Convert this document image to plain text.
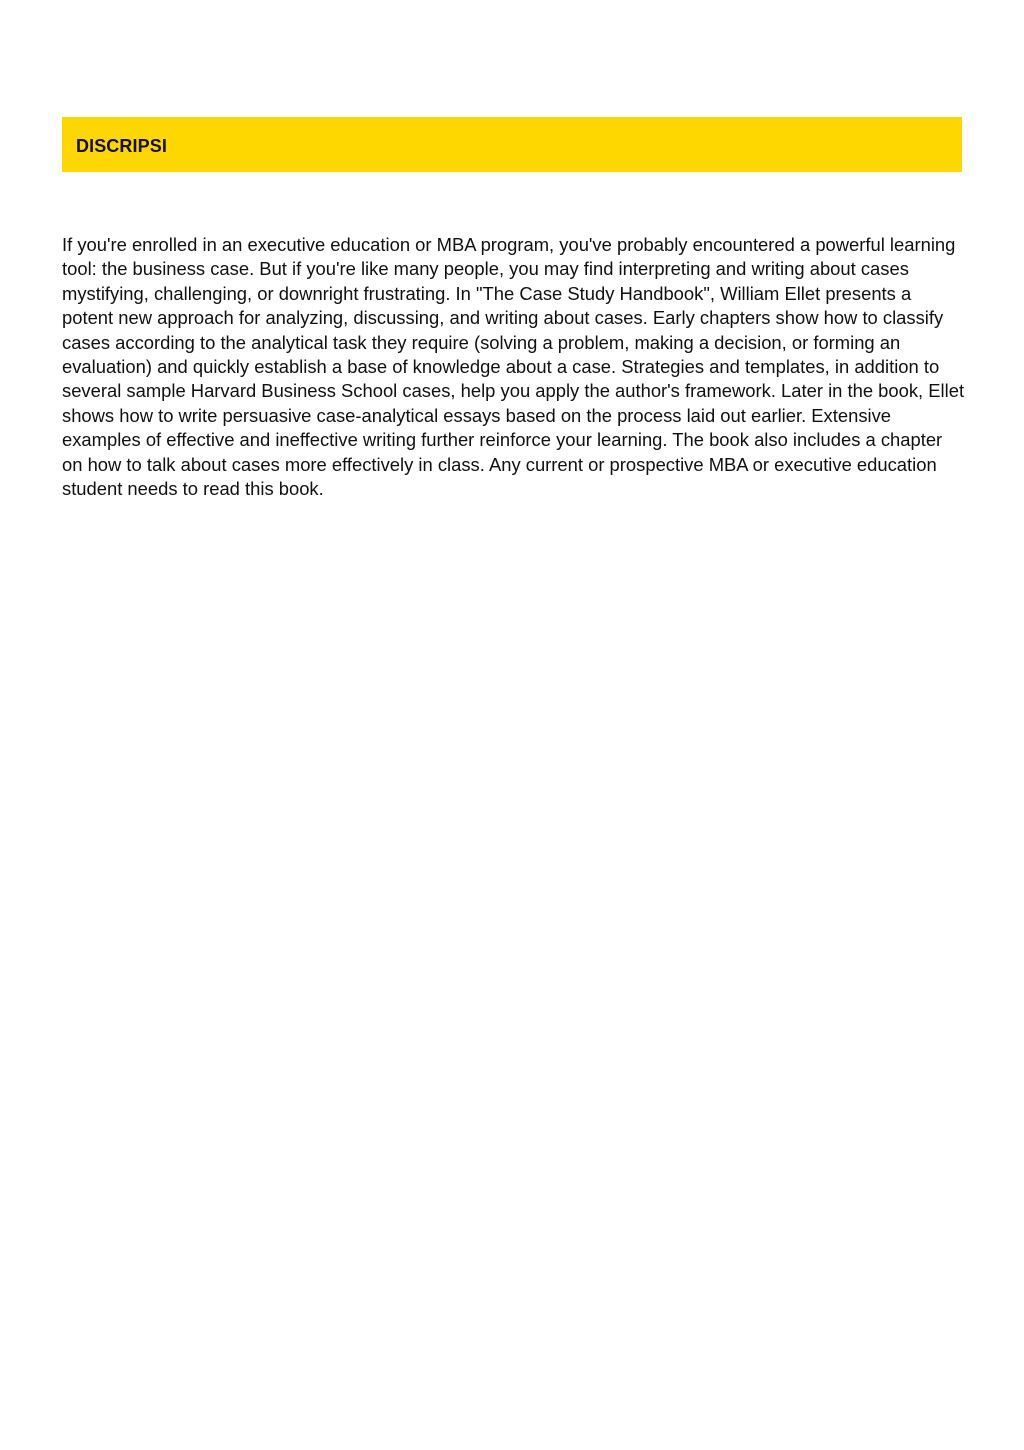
DISCRIPSI

If you're enrolled in an executive education or MBA program, you've probably encountered a powerful learning tool: the business case. But if you're like many people, you may find interpreting and writing about cases mystifying, challenging, or downright frustrating. In "The Case Study Handbook", William Ellet presents a potent new approach for analyzing, discussing, and writing about cases. Early chapters show how to classify cases according to the analytical task they require (solving a problem, making a decision, or forming an evaluation) and quickly establish a base of knowledge about a case. Strategies and templates, in addition to several sample Harvard Business School cases, help you apply the author's framework. Later in the book, Ellet shows how to write persuasive case-analytical essays based on the process laid out earlier. Extensive examples of effective and ineffective writing further reinforce your learning. The book also includes a chapter on how to talk about cases more effectively in class. Any current or prospective MBA or executive education student needs to read this book.
